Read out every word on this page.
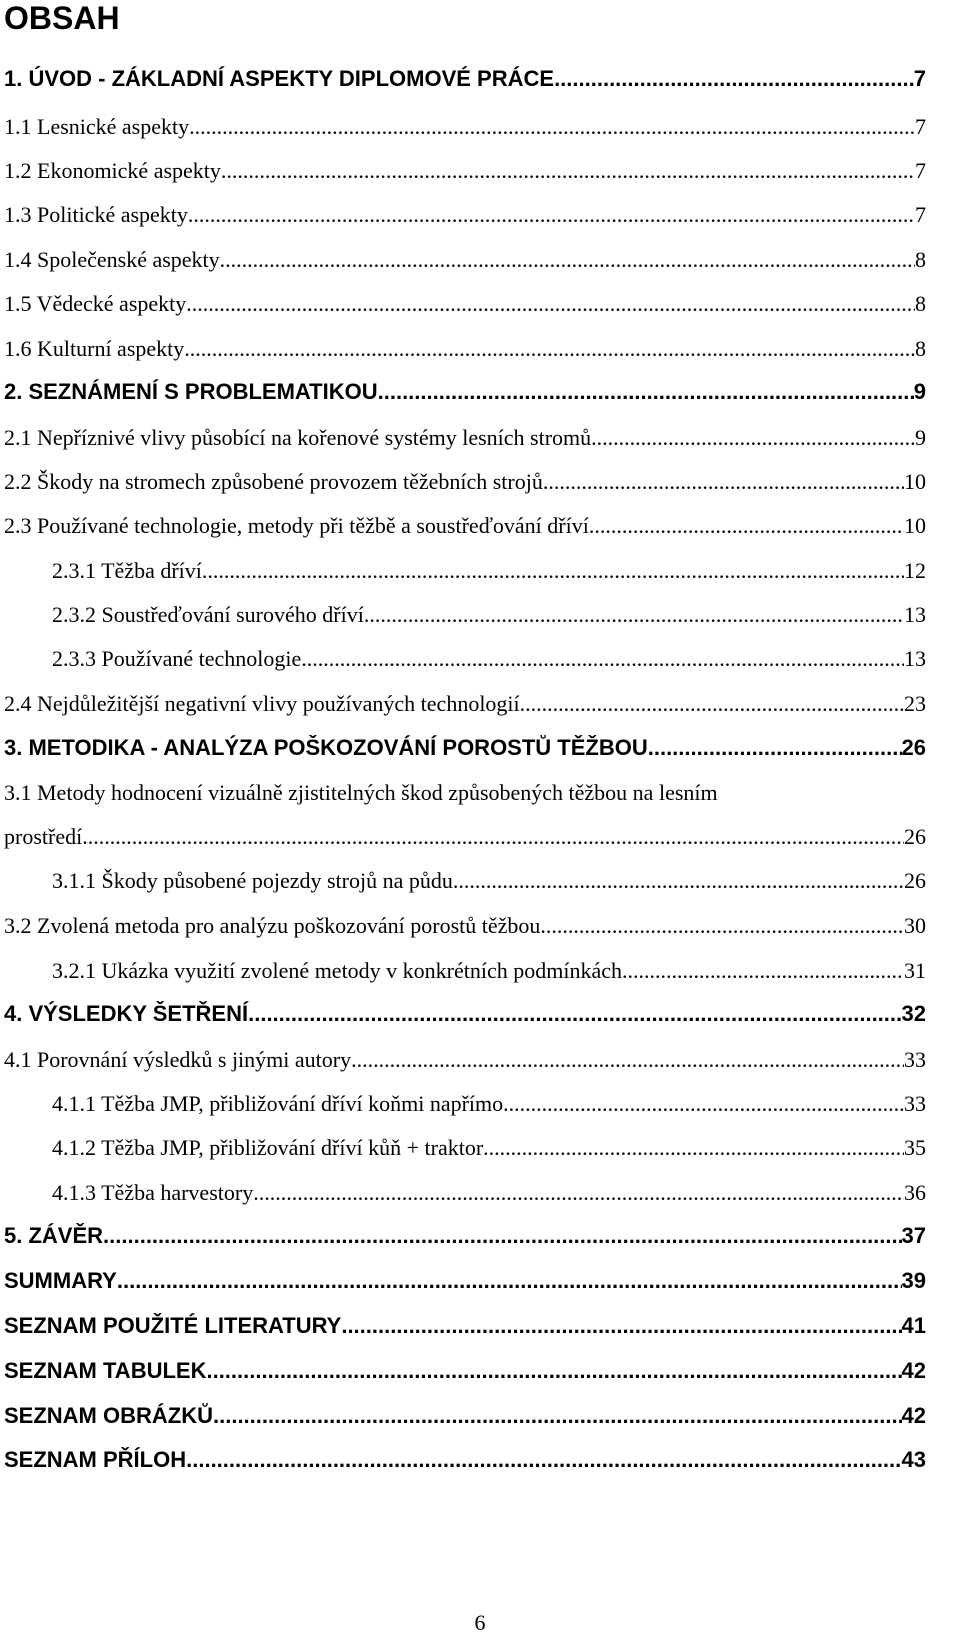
OBSAH
1. ÚVOD - ZÁKLADNÍ ASPEKTY DIPLOMOVÉ PRÁCE .....	7
1.1 Lesnické aspekty .....	7
1.2 Ekonomické aspekty .....	7
1.3 Politické aspekty .....	7
1.4 Společenské aspekty .....	8
1.5 Vědecké aspekty .....	8
1.6 Kulturní aspekty .....	8
2. SEZNÁMENÍ S PROBLEMATIKOU .....	9
2.1 Nepříznivé vlivy působící na kořenové systémy lesních stromů .....	9
2.2 Škody na stromech způsobené provozem těžebních strojů .....	10
2.3 Používané technologie, metody při těžbě a soustřeďování dříví .....	10
2.3.1 Těžba dříví .....	12
2.3.2 Soustřeďování surového dříví .....	13
2.3.3 Používané technologie .....	13
2.4 Nejdůležitější negativní vlivy používaných technologií .....	23
3. METODIKA - ANALÝZA POŠKOZOVÁNÍ POROSTŮ TĚŽBOU .....	26
3.1 Metody hodnocení vizuálně zjistitelných škod způsobených těžbou na lesním
prostředí .....	26
3.1.1 Škody působené pojezdy strojů na půdu .....	26
3.2 Zvolená metoda pro analýzu poškozování porostů těžbou .....	30
3.2.1 Ukázka využití zvolené metody v konkrétních podmínkách .....	31
4. VÝSLEDKY ŠETŘENÍ .....	32
4.1 Porovnání výsledků s jinými autory .....	33
4.1.1 Těžba JMP, přibližování dříví koňmi napřímo .....	33
4.1.2 Těžba JMP, přibližování dříví kůň + traktor .....	35
4.1.3 Těžba harvestory .....	36
5. ZÁVĚR .....	37
SUMMARY .....	39
SEZNAM POUŽITÉ LITERATURY .....	41
SEZNAM TABULEK .....	42
SEZNAM OBRÁZKŮ .....	42
SEZNAM PŘÍLOH .....	43
6
